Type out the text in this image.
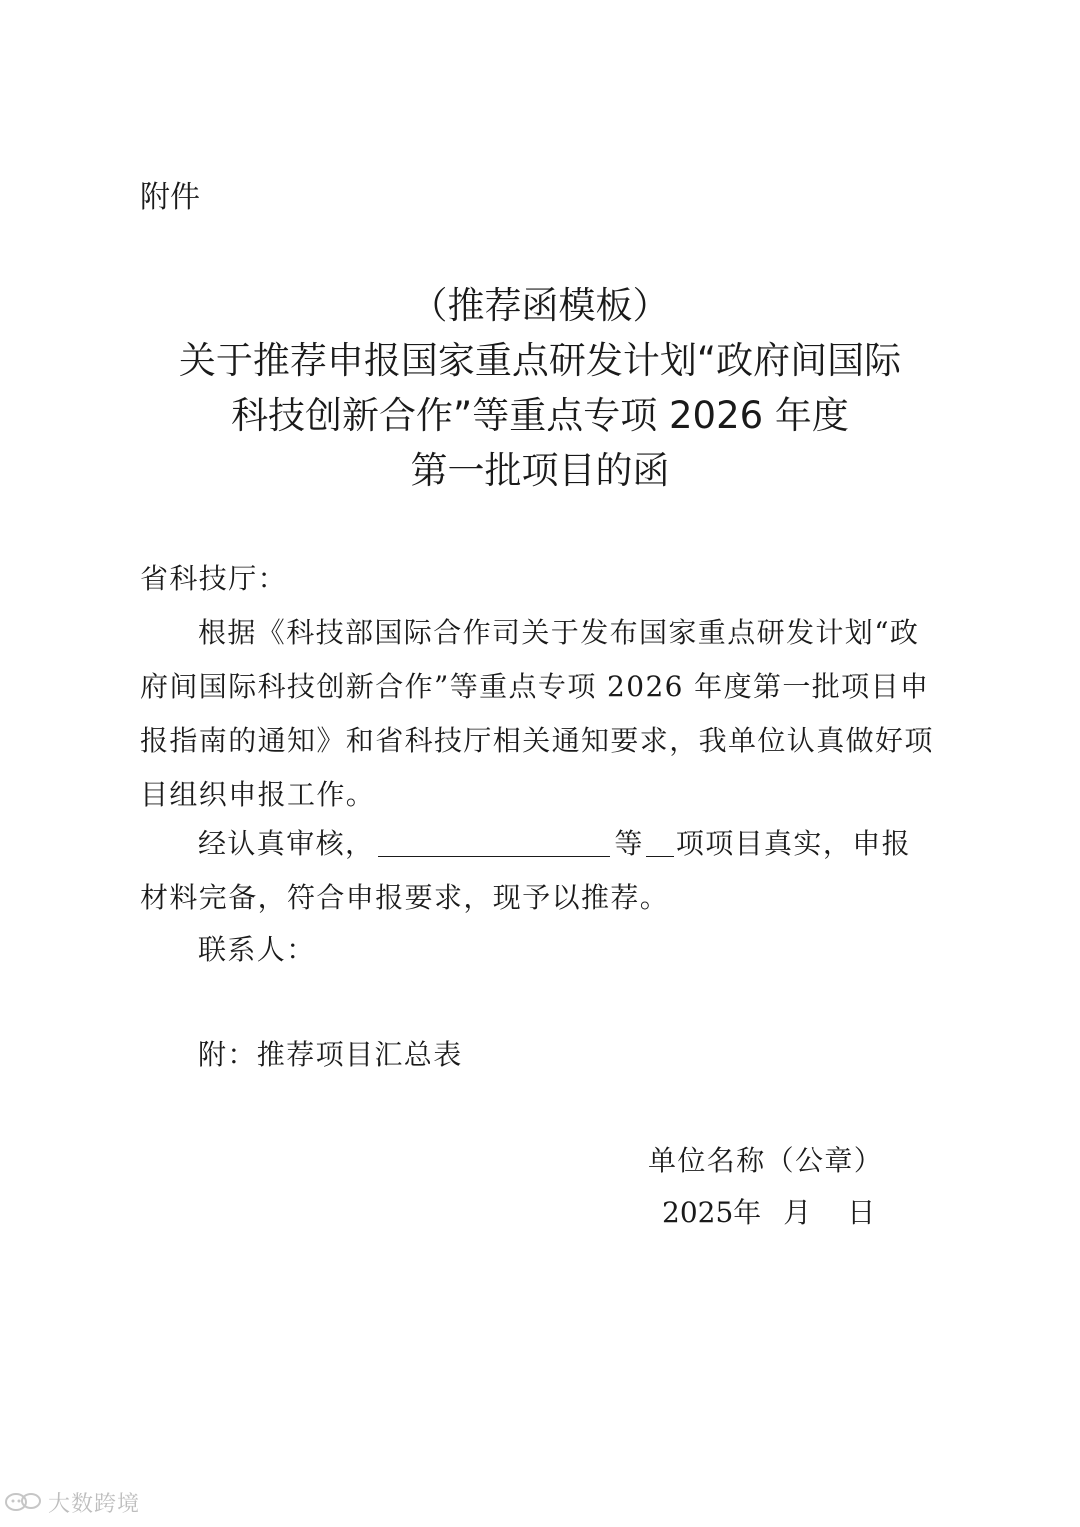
附件

（推荐函模板）
关于推荐申报国家重点研发计划“政府间国际
科技创新合作”等重点专项 2026 年度
第一批项目的函

省科技厅：

根据《科技部国际合作司关于发布国家重点研发计划“政府间国际科技创新合作”等重点专项 2026 年度第一批项目申报指南的通知》和省科技厅相关通知要求，我单位认真做好项目组织申报工作。

经认真审核，	等 项项目真实，申报材料完备，符合申报要求，现予以推荐。

联系人：

附：推荐项目汇总表

单位名称（公章）

2025年 月 日

大数跨境
